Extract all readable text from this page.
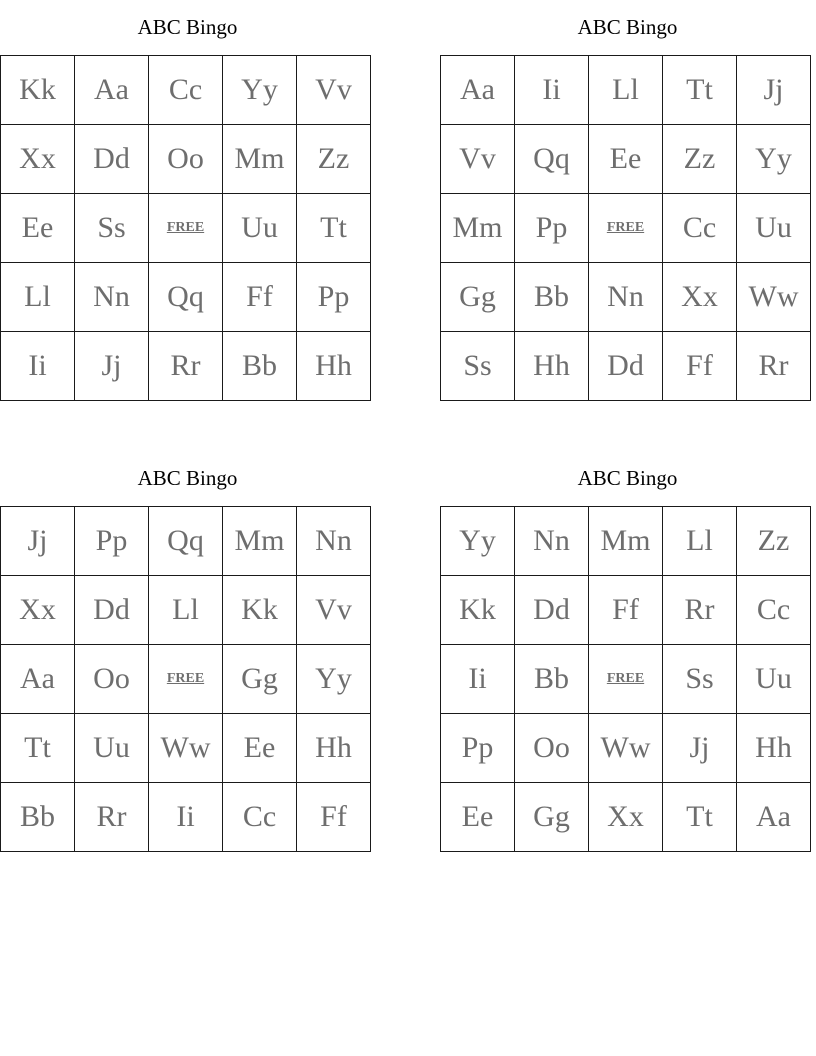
ABC Bingo
Kk	Aa	Cc	Yy	Vv
Xx	Dd	Oo	Mm	Zz
Ee	Ss	FREE	Uu	Tt
Ll	Nn	Qq	Ff	Pp
Ii	Jj	Rr	Bb	Hh
ABC Bingo
Aa	Ii	Ll	Tt	Jj
Vv	Qq	Ee	Zz	Yy
Mm	Pp	FREE	Cc	Uu
Gg	Bb	Nn	Xx	Ww
Ss	Hh	Dd	Ff	Rr
ABC Bingo
Jj	Pp	Qq	Mm	Nn
Xx	Dd	Ll	Kk	Vv
Aa	Oo	FREE	Gg	Yy
Tt	Uu	Ww	Ee	Hh
Bb	Rr	Ii	Cc	Ff
ABC Bingo
Yy	Nn	Mm	Ll	Zz
Kk	Dd	Ff	Rr	Cc
Ii	Bb	FREE	Ss	Uu
Pp	Oo	Ww	Jj	Hh
Ee	Gg	Xx	Tt	Aa
